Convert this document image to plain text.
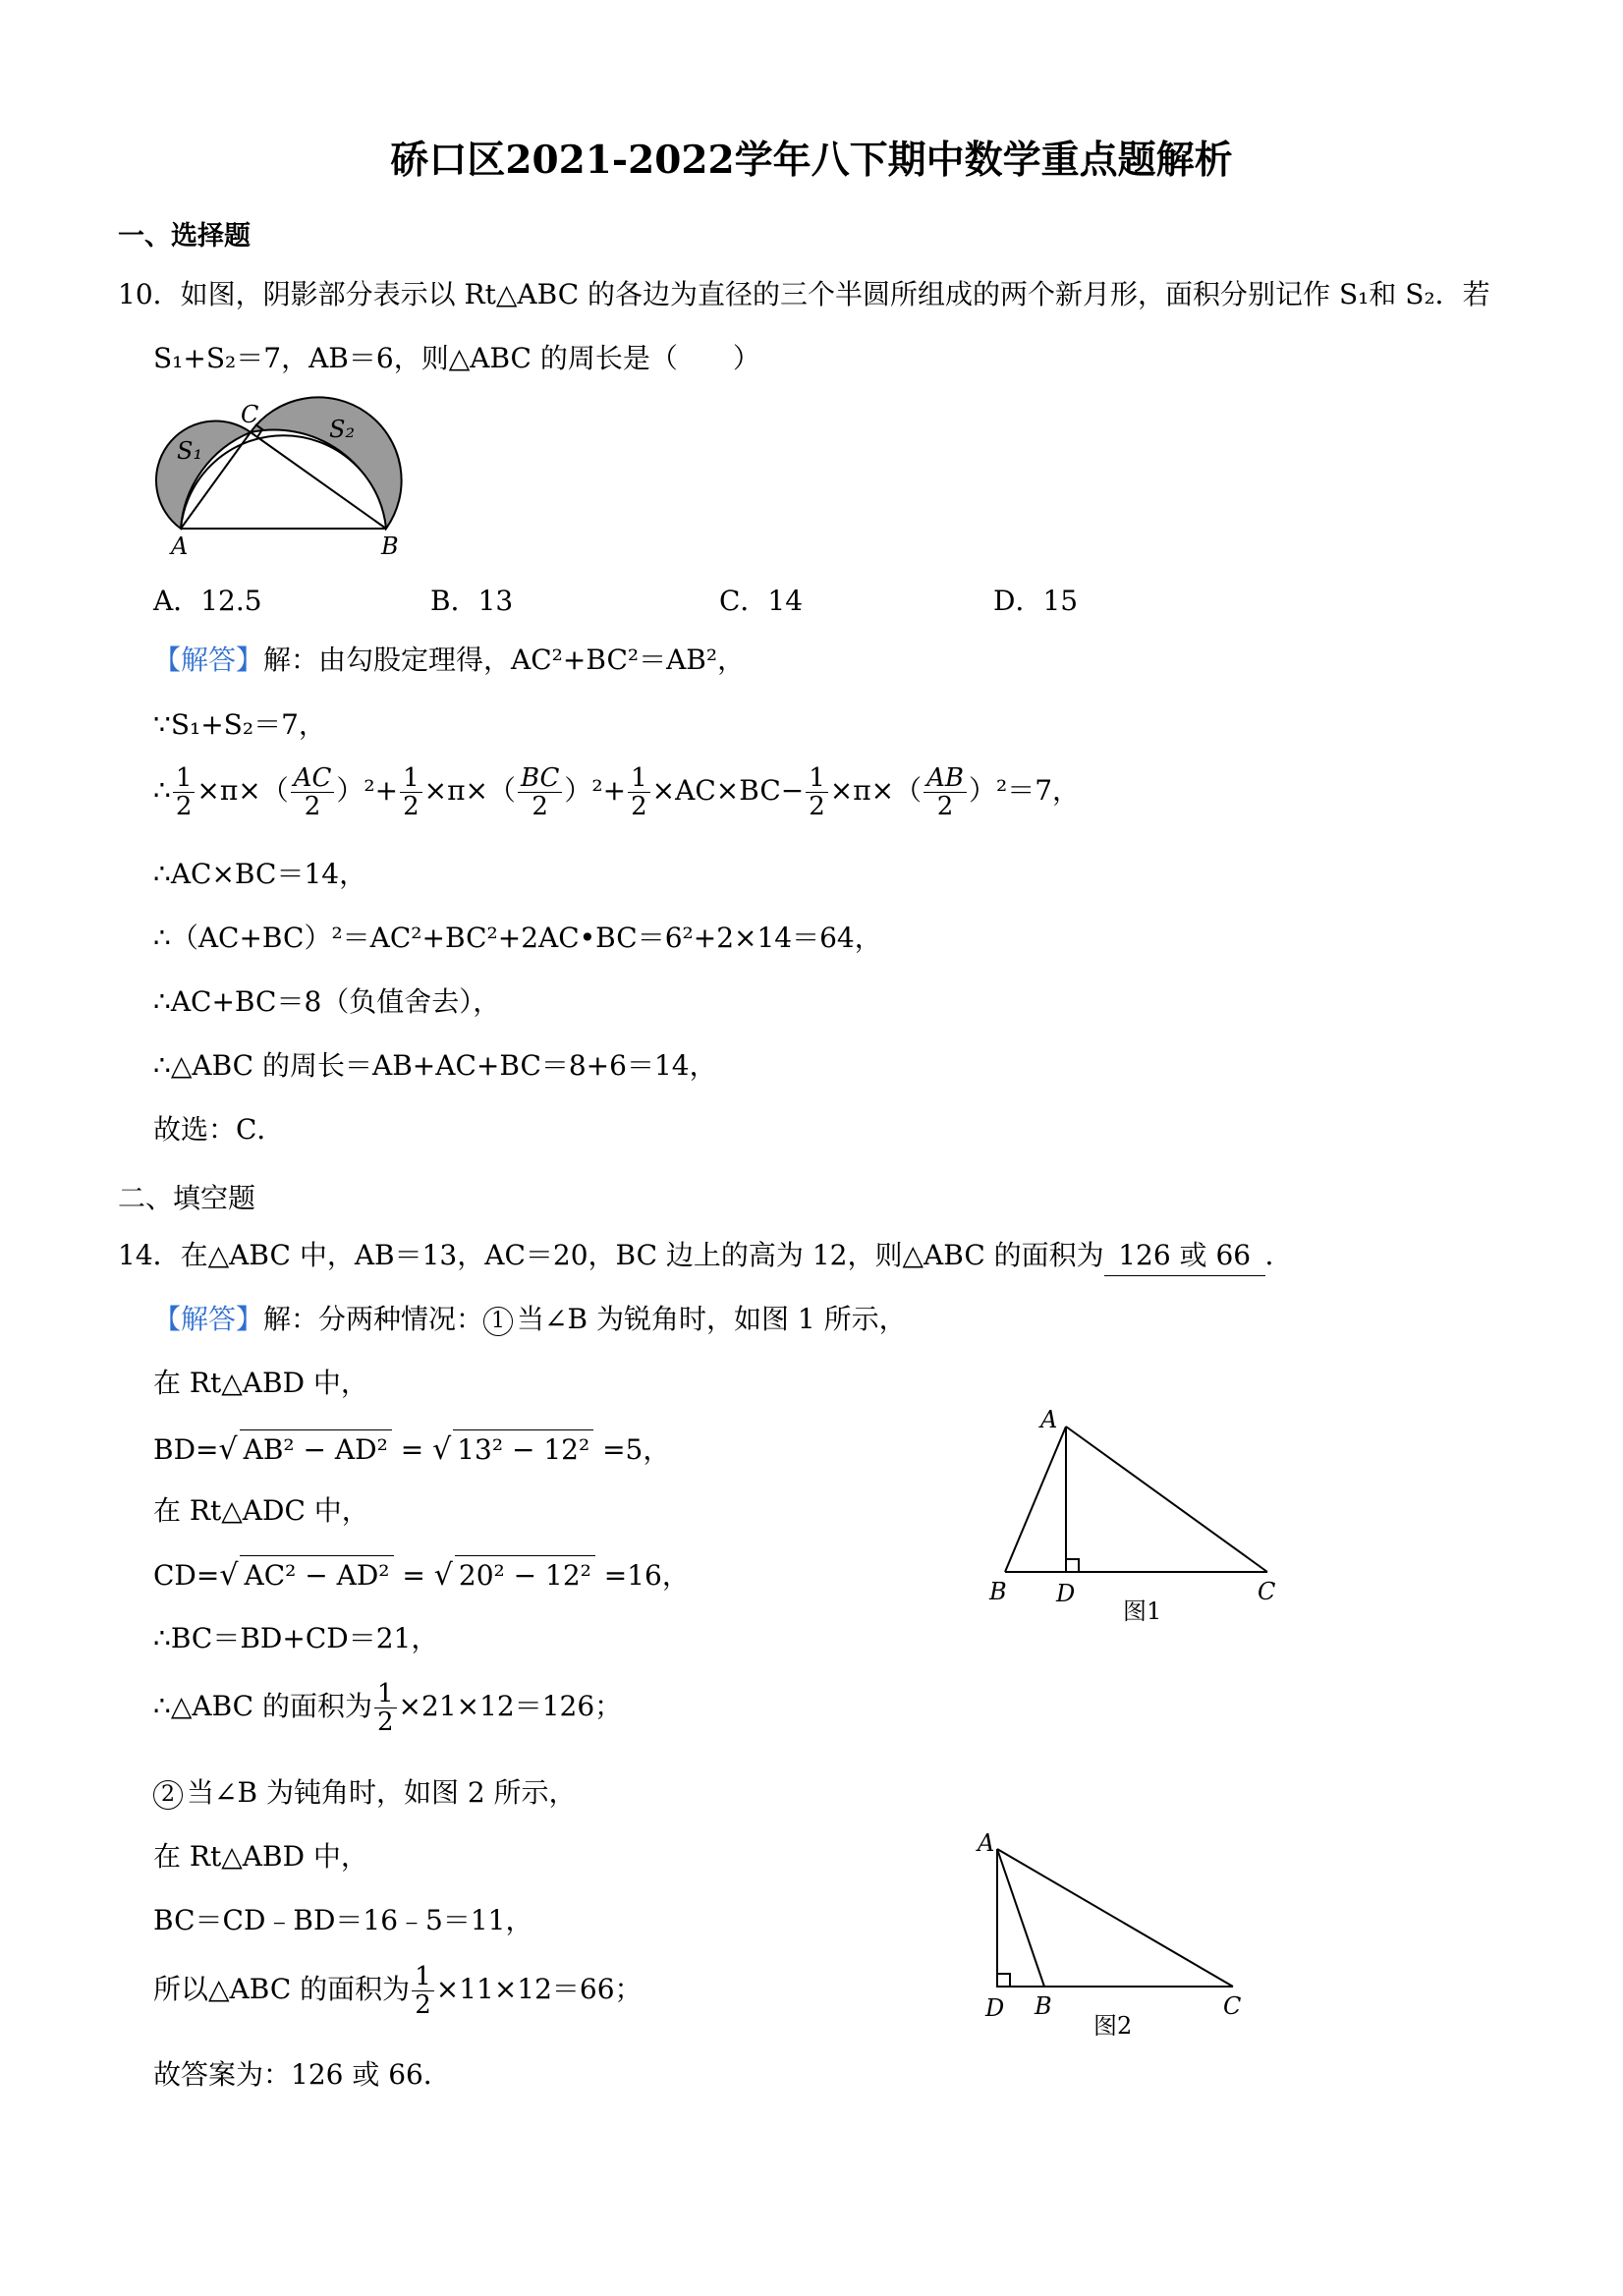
硚口区2021-2022学年八下期中数学重点题解析
一、选择题
10．如图，阴影部分表示以 Rt△ABC 的各边为直径的三个半圆所组成的两个新月形，面积分别记作 S₁和 S₂．若
S₁+S₂＝7，AB＝6，则△ABC 的周长是（　　）
A	B
C
S₁
S₂
A．12.5	B．13	C．14	D．15
【解答】解：由勾股定理得，AC²+BC²＝AB²，
∵S₁+S₂＝7，
∴ $\frac{1}{2} \times\pi\times( \frac{AC}{2} )^2+ \frac{1}{2} \times\pi\times( \frac{BC}{2} )^2+ \frac{1}{2} \times AC\times BC- \frac{1}{2} \times\pi\times( \frac{AB}{2} )^2=7$，
∴AC×BC＝14，
∴（AC+BC）²＝AC²+BC²+2AC•BC＝6²+2×14＝64，
∴AC+BC＝8（负值舍去），
∴△ABC 的周长＝AB+AC+BC＝8+6＝14，
故选：C．
二、填空题
14．在△ABC 中，AB＝13，AC＝20，BC 边上的高为 12，则△ABC 的面积为 126 或 66 ．
【解答】解：分两种情况： 1 当∠B 为锐角时，如图 1 所示，
在 Rt△ABD 中，
BD=√ AB² − AD² = √ 13² − 12² =5，
在 Rt△ADC 中，
CD=√ AC² − AD² = √ 20² − 12² =16，
∴BC＝BD+CD＝21，
∴△ABC 的面积为 $\frac{1}{2} \times 21\times 12=126$；
2 当∠B 为钝角时，如图 2 所示，
在 Rt△ABD 中，
BC＝CD﹣BD＝16﹣5＝11，
所以△ABC 的面积为 $\frac{1}{2} \times 11\times 12=66$；
故答案为：126 或 66．
A
B D	C
图1
A
D B	C
图2
